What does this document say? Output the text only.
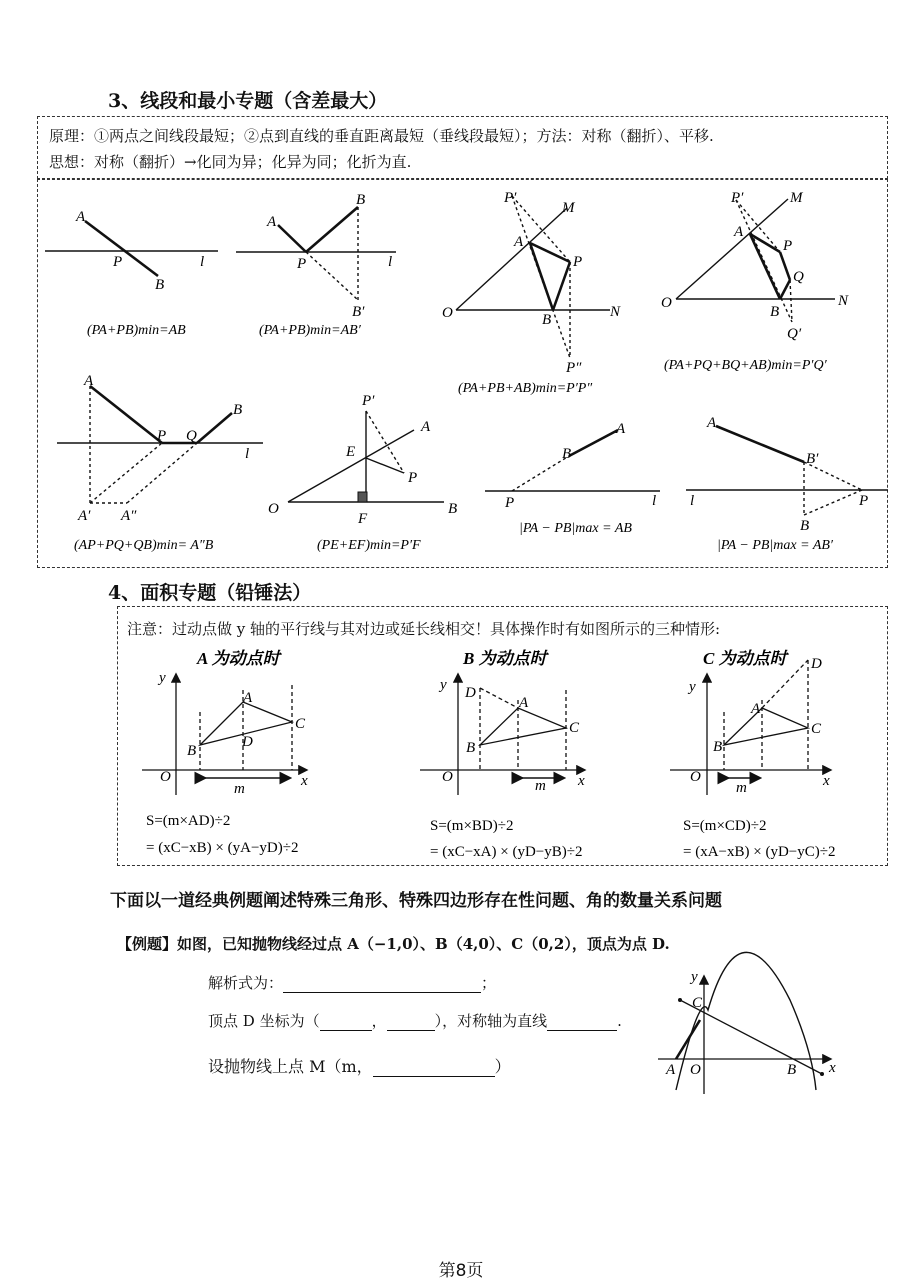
3、线段和最小专题（含差最大）
原理：①两点之间线段最短；②点到直线的垂直距离最短（垂线段最短）；方法：对称（翻折）、平移.
思想：对称（翻折）→化同为异；化异为同；化折为直.
A
P
B
l
A
P
B
B′
l
P′
M
A
P
O	B	N
P″
P′	M
A
P
Q
O
B
N
Q′
A
P Q
B
l
A′ A″
P′
A
E
P
O
F
B
A
B
P	l
A
B′
P
l
B
(PA+PB)min=AB	(PA+PB)min=AB′
(PA+PB+AB)min=P′P″
(PA+PQ+BQ+AB)min=P′Q′
(AP+PQ+QB)min= A″B	(PE+EF)min=P′F
|PA − PB|max = AB
|PA − PB|max = AB′
4、面积专题（铅锤法）
注意：过动点做 y 轴的平行线与其对边或延长线相交！具体操作时有如图所示的三种情形:
A 为动点时	B 为动点时	C 为动点时
y
O	x
A
B
C
D
m
y
O	x
A
B
C
D
m
y
O	x
A
B
C
D
m
S=(m×AD)÷2
= (xC−xB) × (yA−yD)÷2
S=(m×BD)÷2
= (xC−xA) × (yD−yB)÷2
S=(m×CD)÷2
= (xA−xB) × (yD−yC)÷2
下面以一道经典例题阐述特殊三角形、特殊四边形存在性问题、角的数量关系问题
【例题】如图，已知抛物线经过点 A（−1,0）、B（4,0）、C（0,2），顶点为点 D.
解析式为：	；
顶点 D 坐标为（	，	），对称轴为直线	.
设抛物线上点 M（m，	）
y
C
A O	B x
第8页
